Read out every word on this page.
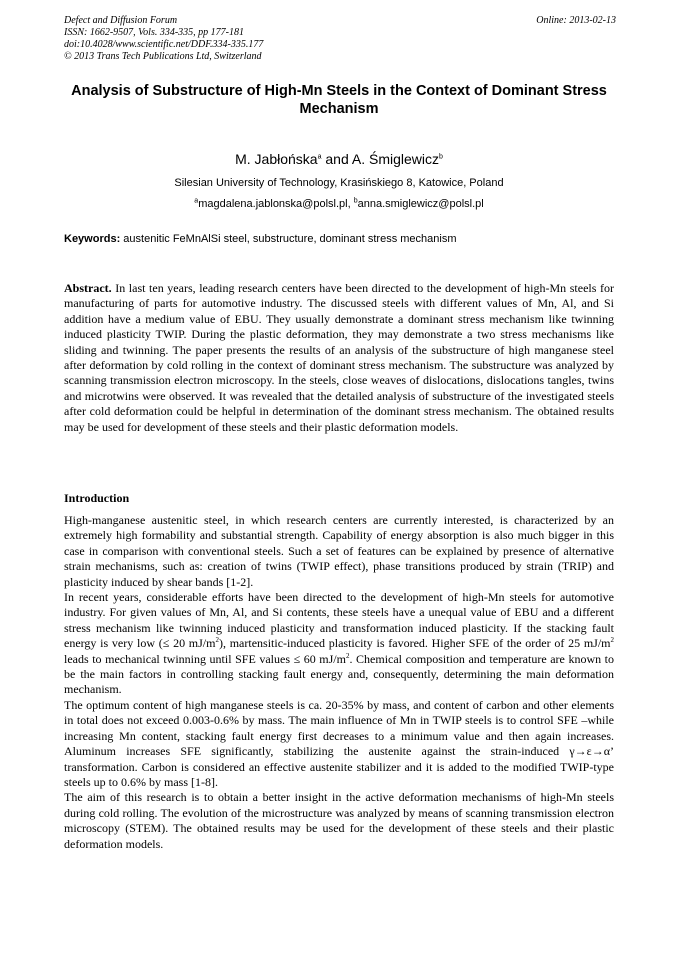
Defect and Diffusion Forum
ISSN: 1662-9507, Vols. 334-335, pp 177-181
doi:10.4028/www.scientific.net/DDF.334-335.177
© 2013 Trans Tech Publications Ltd, Switzerland
Online: 2013-02-13
Analysis of Substructure of High-Mn Steels in the Context of Dominant Stress Mechanism
M. Jabłońska$^a$ and A. Śmiglewicz$^b$
Silesian University of Technology, Krasińskiego 8, Katowice, Poland
$^a$magdalena.jablonska@polsl.pl, $^b$anna.smiglewicz@polsl.pl
Keywords: austenitic FeMnAlSi steel, substructure, dominant stress mechanism

Abstract. In last ten years, leading research centers have been directed to the development of high-Mn steels for manufacturing of parts for automotive industry. The discussed steels with different values of Mn, Al, and Si addition have a medium value of EBU. They usually demonstrate a dominant stress mechanism like twinning induced plasticity TWIP. During the plastic deformation, they may demonstrate a two stress mechanisms like sliding and twinning. The paper presents the results of an analysis of the substructure of high manganese steel after deformation by cold rolling in the context of dominant stress mechanism. The substructure was analyzed by scanning transmission electron microscopy. In the steels, close weaves of dislocations, dislocations tangles, twins and microtwins were observed. It was revealed that the detailed analysis of substructure of the investigated steels after cold deformation could be helpful in determination of the dominant stress mechanism. The obtained results may be used for development of these steels and their plastic deformation models.

Introduction

High-manganese austenitic steel, in which research centers are currently interested, is characterized by an extremely high formability and substantial strength. Capability of energy absorption is also much bigger in this case in comparison with conventional steels. Such a set of features can be explained by presence of alternative strain mechanisms, such as: creation of twins (TWIP effect), phase transitions produced by strain (TRIP) and plasticity induced by shear bands [1-2].

In recent years, considerable efforts have been directed to the development of high-Mn steels for automotive industry. For given values of Mn, Al, and Si contents, these steels have a unequal value of EBU and a different stress mechanism like twinning induced plasticity and transformation induced plasticity. If the stacking fault energy is very low (≤ 20 $mJ/m^2$), martensitic-induced plasticity is favored. Higher SFE of the order of 25 $mJ/m^2$ leads to mechanical twinning until SFE values ≤ 60 $mJ/m^2$. Chemical composition and temperature are known to be the main factors in controlling stacking fault energy and, consequently, determining the main deformation mechanism.

The optimum content of high manganese steels is ca. 20-35% by mass, and content of carbon and other elements in total does not exceed 0.003-0.6% by mass. The main influence of Mn in TWIP steels is to control SFE –while increasing Mn content, stacking fault energy first decreases to a minimum value and then again increases. Aluminum increases SFE significantly, stabilizing the austenite against the strain-induced γ→ε→α’ transformation. Carbon is considered an effective austenite stabilizer and it is added to the modified TWIP-type steels up to 0.6% by mass [1-8].

The aim of this research is to obtain a better insight in the active deformation mechanisms of high-Mn steels during cold rolling. The evolution of the microstructure was analyzed by means of scanning transmission electron microscopy (STEM). The obtained results may be used for the development of these steels and their plastic deformation models.
